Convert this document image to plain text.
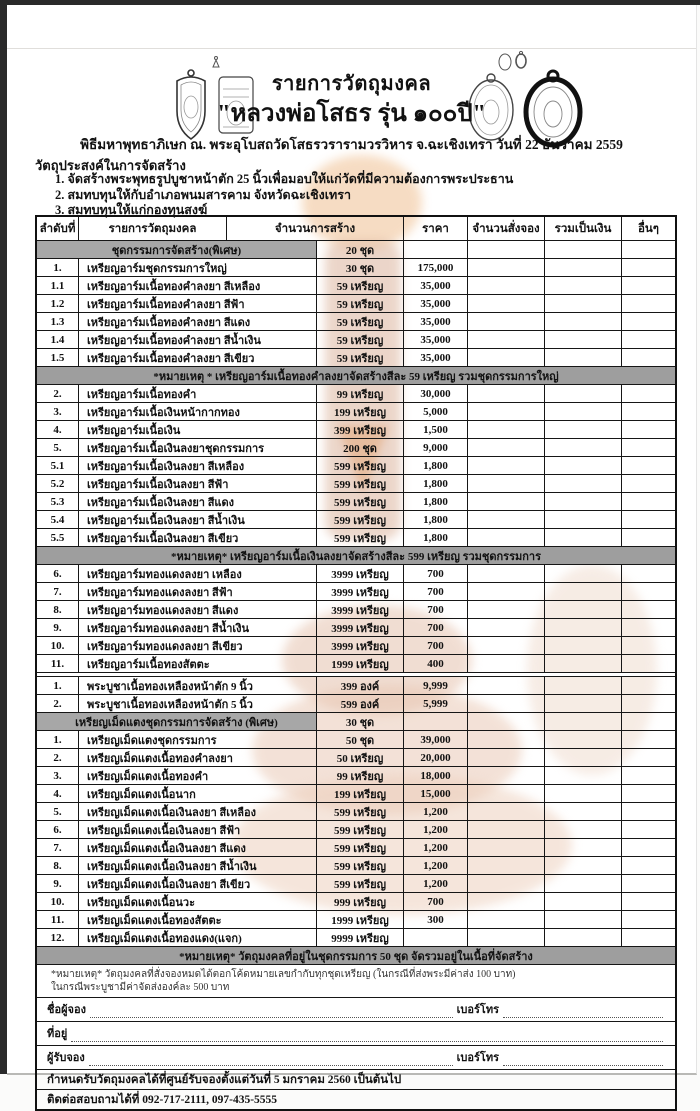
รายการวัตถุมงคล
"หลวงพ่อโสธร รุ่น ๑๐๐ปี"
พิธีมหาพุทธาภิเษก ณ. พระอุโบสถวัดโสธรวรารามวรวิหาร จ.ฉะเชิงเทรา วันที่ 22 ธันวาคม 2559
วัตถุประสงค์ในการจัดสร้าง
1. จัดสร้างพระพุทธรูปบูชาหน้าตัก 25 นิ้วเพื่อมอบให้แก่วัดที่มีความต้องการพระประธาน
2. สมทบทุนให้กับอำเภอพนมสารคาม จังหวัดฉะเชิงเทรา
3. สมทบทุนให้แก่กองทุนสงฆ์
ลำดับที่	รายการวัตถุมงคล	จำนวนการสร้าง	ราคา	จำนวนสั่งจอง	รวมเป็นเงิน	อื่นๆ
ชุดกรรมการจัดสร้าง(พิเศษ)	20 ชุด
1.	เหรียญอาร์มชุดกรรมการใหญ่	30 ชุด	175,000
1.1	เหรียญอาร์มเนื้อทองคำลงยา สีเหลือง	59 เหรียญ	35,000
1.2	เหรียญอาร์มเนื้อทองคำลงยา สีฟ้า	59 เหรียญ	35,000
1.3	เหรียญอาร์มเนื้อทองคำลงยา สีแดง	59 เหรียญ	35,000
1.4	เหรียญอาร์มเนื้อทองคำลงยา สีน้ำเงิน	59 เหรียญ	35,000
1.5	เหรียญอาร์มเนื้อทองคำลงยา สีเขียว	59 เหรียญ	35,000
*หมายเหตุ * เหรียญอาร์มเนื้อทองคำลงยาจัดสร้างสีละ 59 เหรียญ รวมชุดกรรมการใหญ่
2.	เหรียญอาร์มเนื้อทองคำ	99 เหรียญ	30,000
3.	เหรียญอาร์มเนื้อเงินหน้ากากทอง	199 เหรียญ	5,000
4.	เหรียญอาร์มเนื้อเงิน	399 เหรียญ	1,500
5.	เหรียญอาร์มเนื้อเงินลงยาชุดกรรมการ	200 ชุด	9,000
5.1	เหรียญอาร์มเนื้อเงินลงยา สีเหลือง	599 เหรียญ	1,800
5.2	เหรียญอาร์มเนื้อเงินลงยา สีฟ้า	599 เหรียญ	1,800
5.3	เหรียญอาร์มเนื้อเงินลงยา สีแดง	599 เหรียญ	1,800
5.4	เหรียญอาร์มเนื้อเงินลงยา สีน้ำเงิน	599 เหรียญ	1,800
5.5	เหรียญอาร์มเนื้อเงินลงยา สีเขียว	599 เหรียญ	1,800
*หมายเหตุ* เหรียญอาร์มเนื้อเงินลงยาจัดสร้างสีละ 599 เหรียญ รวมชุดกรรมการ
6.	เหรียญอาร์มทองแดงลงยา เหลือง	3999 เหรียญ	700
7.	เหรียญอาร์มทองแดงลงยา สีฟ้า	3999 เหรียญ	700
8.	เหรียญอาร์มทองแดงลงยา สีแดง	3999 เหรียญ	700
9.	เหรียญอาร์มทองแดงลงยา สีน้ำเงิน	3999 เหรียญ	700
10.	เหรียญอาร์มทองแดงลงยา สีเขียว	3999 เหรียญ	700
11.	เหรียญอาร์มเนื้อทองสัตตะ	1999 เหรียญ	400
1.	พระบูชาเนื้อทองเหลืองหน้าตัก 9 นิ้ว	399 องค์	9,999
2.	พระบูชาเนื้อทองเหลืองหน้าตัก 5 นิ้ว	599 องค์	5,999
เหรียญเม็ดแตงชุดกรรมการจัดสร้าง (พิเศษ)	30 ชุด
1.	เหรียญเม็ดแตงชุดกรรมการ	50 ชุด	39,000
2.	เหรียญเม็ดแตงเนื้อทองคำลงยา	50 เหรียญ	20,000
3.	เหรียญเม็ดแตงเนื้อทองคำ	99 เหรียญ	18,000
4.	เหรียญเม็ดแตงเนื้อนาก	199 เหรียญ	15,000
5.	เหรียญเม็ดแตงเนื้อเงินลงยา สีเหลือง	599 เหรียญ	1,200
6.	เหรียญเม็ดแตงเนื้อเงินลงยา สีฟ้า	599 เหรียญ	1,200
7.	เหรียญเม็ดแตงเนื้อเงินลงยา สีแดง	599 เหรียญ	1,200
8.	เหรียญเม็ดแตงเนื้อเงินลงยา สีน้ำเงิน	599 เหรียญ	1,200
9.	เหรียญเม็ดแตงเนื้อเงินลงยา สีเขียว	599 เหรียญ	1,200
10.	เหรียญเม็ดแตงเนื้อนวะ	999 เหรียญ	700
11.	เหรียญเม็ดแตงเนื้อทองสัตตะ	1999 เหรียญ	300
12.	เหรียญเม็ดแตงเนื้อทองแดง(แจก)	9999 เหรียญ
*หมายเหตุ* วัตถุมงคลที่อยู่ในชุดกรรมการ 50 ชุด จัดรวมอยู่ในเนื้อที่จัดสร้าง
*หมายเหตุ* วัตถุมงคลที่สั่งจองหมดได้ตอกโค้ดหมายเลขกำกับทุกชุดเหรียญ (ในกรณีที่ส่งพระมีค่าส่ง 100 บาท)
ในกรณีพระบูชามีค่าจัดส่งองค์ละ 500 บาท
ชื่อผู้จอง	เบอร์โทร
ที่อยู่
ผู้รับจอง	เบอร์โทร
กำหนดรับวัตถุมงคลได้ที่ศูนย์รับจองตั้งแต่วันที่ 5 มกราคม 2560 เป็นต้นไป
ติดต่อสอบถามได้ที่ 092-717-2111, 097-435-5555
